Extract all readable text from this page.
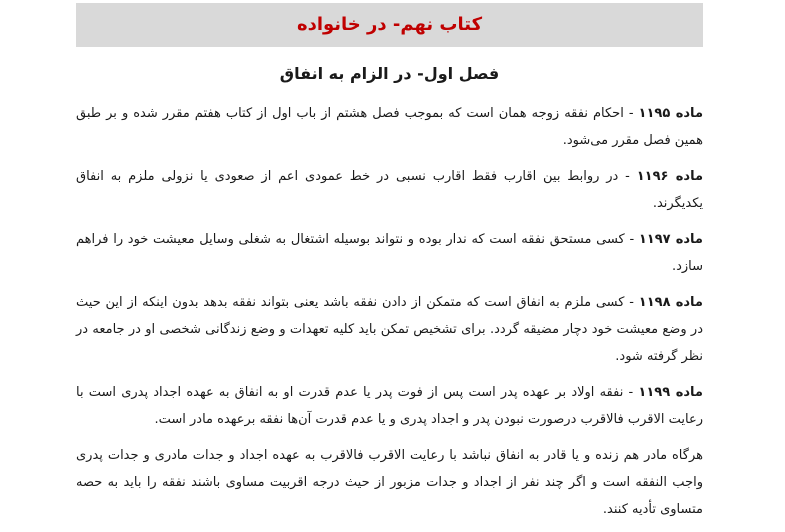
کتاب نهم- در خانواده
فصل اول- در الزام به انفاق

ماده ۱۱۹۵ - احکام نفقه زوجه همان است که بموجب فصل هشتم از باب اول از کتاب هفتم مقرر شده و بر طبق همین فصل مقرر می‌شود.

ماده ۱۱۹۶ - در روابط بین اقارب فقط اقارب نسبی در خط عمودی اعم از صعودی یا نزولی ملزم به انفاق یکدیگرند.

ماده ۱۱۹۷ - کسی مستحق نفقه است که ندار بوده و نتواند بوسیله اشتغال به شغلی وسایل معیشت خود را فراهم سازد.

ماده ۱۱۹۸ - کسی ملزم به انفاق است که متمکن از دادن نفقه باشد یعنی بتواند نفقه بدهد بدون اینکه از این حیث در وضع معیشت خود دچار مضیقه گردد. برای تشخیص تمکن باید کلیه تعهدات و وضع زندگانی شخصی او در جامعه در نظر گرفته شود.

ماده ۱۱۹۹ - نفقه اولاد بر عهده پدر است پس از فوت پدر یا عدم قدرت او به انفاق به عهده اجداد پدری است با رعایت الاقرب فالاقرب درصورت نبودن پدر و اجداد پدری و یا عدم قدرت آن‌ها نفقه برعهده مادر است.

هرگاه مادر هم زنده و یا قادر به انفاق نباشد با رعایت الاقرب فالاقرب به عهده اجداد و جدات مادری و جدات پدری واجب النفقه است و اگر چند نفر از اجداد و جدات مزبور از حیث درجه اقربیت مساوی باشند نفقه را باید به حصه متساوی تأدیه کنند.
